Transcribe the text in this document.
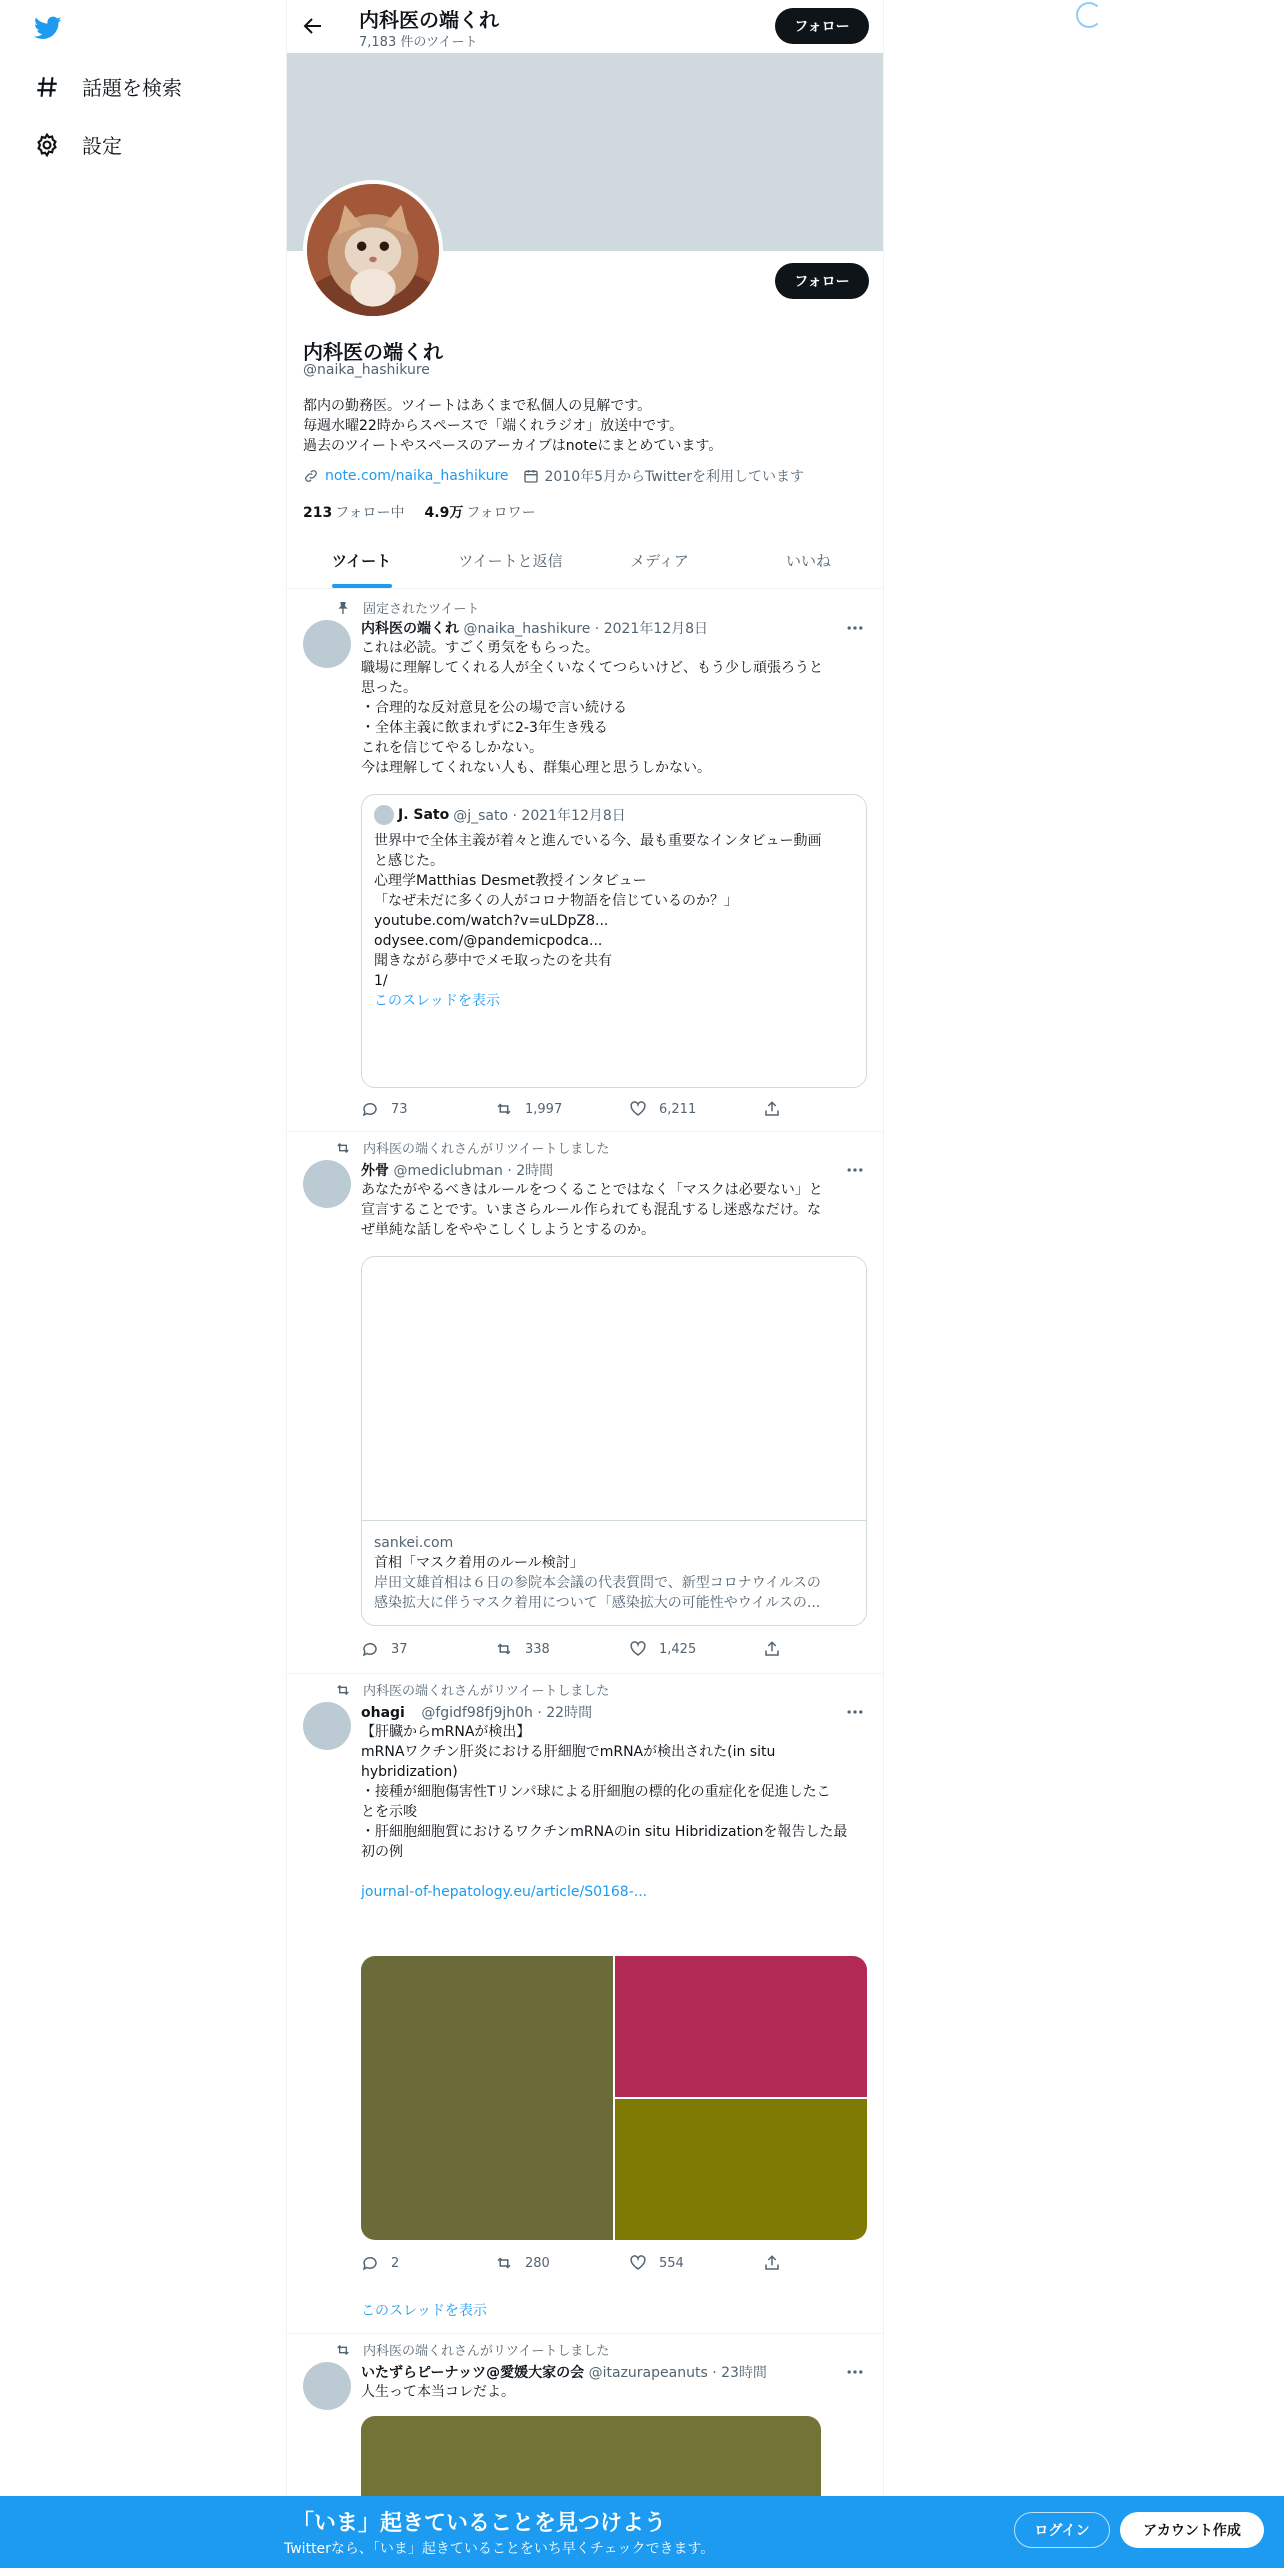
話題を検索
設定
内科医の端くれ
7,183 件のツイート
フォロー
フォロー
内科医の端くれ
@naika_hashikure
都内の勤務医。ツイートはあくまで私個人の見解です。
毎週水曜22時からスペースで「端くれラジオ」放送中です。
過去のツイートやスペースのアーカイブはnoteにまとめています。
note.com/naika_hashikure	2010年5月からTwitterを利用しています
213 フォロー中 4.9万 フォロワー
ツイート	ツイートと返信	メディア	いいね
固定されたツイート
内科医の端くれ @naika_hashikure · 2021年12月8日
これは必読。すごく勇気をもらった。
職場に理解してくれる人が全くいなくてつらいけど、もう少し頑張ろうと
思った。
・合理的な反対意見を公の場で言い続ける
・全体主義に飲まれずに2-3年生き残る
これを信じてやるしかない。
今は理解してくれない人も、群集心理と思うしかない。
J. Sato @j_sato · 2021年12月8日
世界中で全体主義が着々と進んでいる今、最も重要なインタビュー動画
と感じた。
心理学Matthias Desmet教授インタビュー
「なぜ未だに多くの人がコロナ物語を信じているのか？」
youtube.com/watch?v=uLDpZ8...
odysee.com/@pandemicpodca...
聞きながら夢中でメモ取ったのを共有
1/
このスレッドを表示
73	1,997	6,211
内科医の端くれさんがリツイートしました
外骨 @mediclubman · 2時間
あなたがやるべきはルールをつくることではなく「マスクは必要ない」と
宣言することです。いまさらルール作られても混乱するし迷惑なだけ。な
ぜ単純な話しをややこしくしようとするのか。
sankei.com
首相「マスク着用のルール検討」
岸田文雄首相は６日の参院本会議の代表質問で、新型コロナウイルスの
感染拡大に伴うマスク着用について「感染拡大の可能性やウイルスの...
37	338	1,425
内科医の端くれさんがリツイートしました
ohagi @fgidf98fj9jh0h · 22時間
【肝臓からmRNAが検出】
mRNAワクチン肝炎における肝細胞でmRNAが検出された(in situ
hybridization)
・接種が細胞傷害性Tリンパ球による肝細胞の標的化の重症化を促進したこ
とを示唆
・肝細胞細胞質におけるワクチンmRNAのin situ Hibridizationを報告した最
初の例

journal-of-hepatology.eu/article/S0168-...
2	280	554
このスレッドを表示
内科医の端くれさんがリツイートしました
いたずらピーナッツ@愛媛大家の会 @itazurapeanuts · 23時間
人生って本当コレだよ。
「いま」起きていることを見つけよう
Twitterなら、「いま」起きていることをいち早くチェックできます。
ログイン	アカウント作成
